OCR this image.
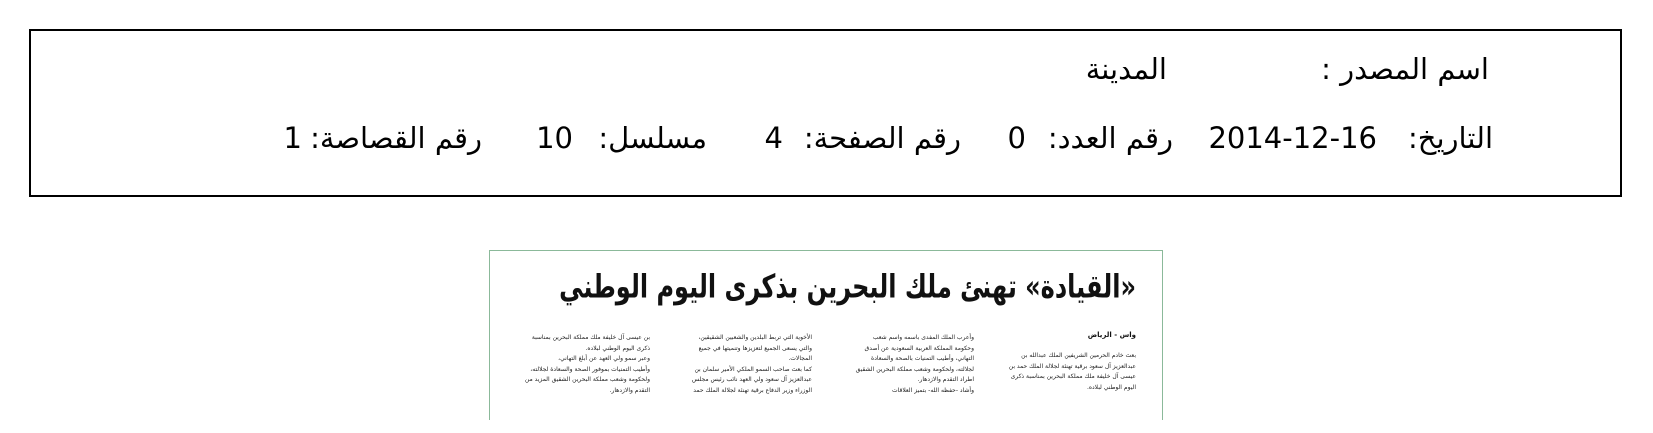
اسم المصدر :
المدينة
التاريخ:
2014-12-16
رقم العدد:
0
رقم الصفحة:
4
مسلسل:
10
رقم القصاصة:
1
«القيادة» تهنئ ملك البحرين بذكرى اليوم الوطني
واس - الرياض
بعث خادم الحرمين الشريفين الملك عبدالله بن
عبدالعزيز آل سعود برقية تهنئة لجلالة الملك حمد بن
عيسى آل خليفة ملك مملكة البحرين بمناسبة ذكرى
اليوم الوطني لبلاده.
وأعرب الملك المفدى باسمه واسم شعب
وحكومة المملكة العربية السعودية عن أصدق
التهاني، وأطيب التمنيات بالصحة والسعادة
لجلالته، ولحكومة وشعب مملكة البحرين الشقيق
اطراد التقدم والازدهار.
وأشاد -حفظه الله- بتميز العلاقات
الأخوية التي تربط البلدين والشعبين الشقيقين،
والتي يسعى الجميع لتعزيزها وتنميتها في جميع
المجالات.
كما بعث صاحب السمو الملكي الأمير سلمان بن
عبدالعزيز آل سعود ولي العهد نائب رئيس مجلس
الوزراء وزير الدفاع برقية تهنئة لجلالة الملك حمد
بن عيسى آل خليفة ملك مملكة البحرين بمناسبة
ذكرى اليوم الوطني لبلاده.
وعبر سمو ولي العهد عن أبلغ التهاني،
وأطيب التمنيات بموفور الصحة والسعادة لجلالته،
ولحكومة وشعب مملكة البحرين الشقيق المزيد من
التقدم والازدهار.
